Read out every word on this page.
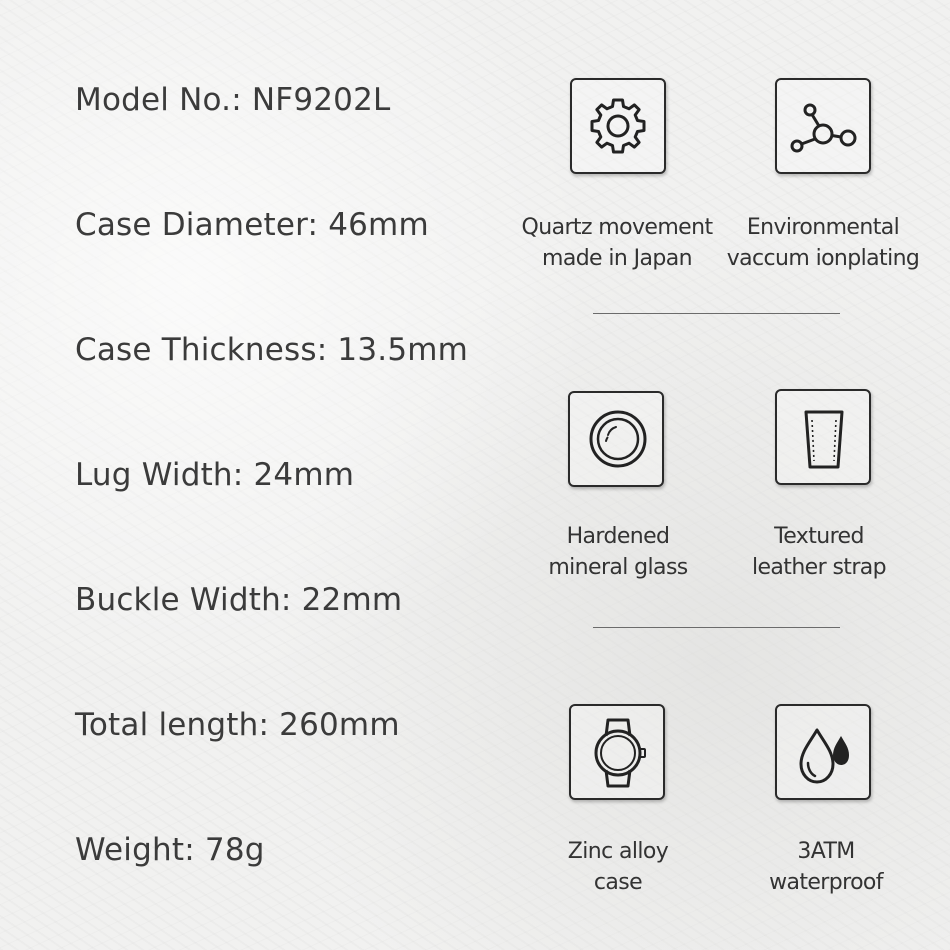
Model No.: NF9202L
Case Diameter: 46mm
Case Thickness: 13.5mm
Lug Width: 24mm
Buckle Width: 22mm
Total length: 260mm
Weight: 78g
Quartz movement
made in Japan
Environmental
vaccum ionplating
Hardened
mineral glass
Textured
leather strap
Zinc alloy
case
3ATM
waterproof
